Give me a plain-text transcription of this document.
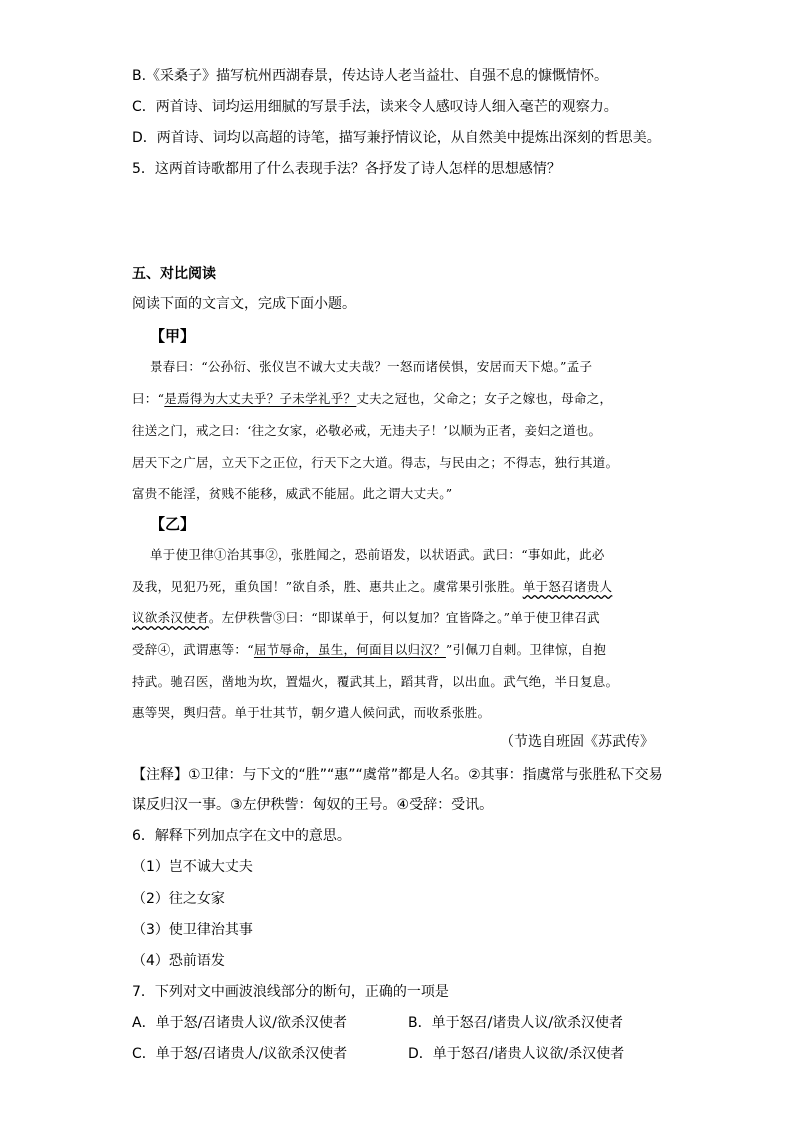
B.《采桑子》描写杭州西湖春景，传达诗人老当益壮、自强不息的慷慨情怀。
C．两首诗、词均运用细腻的写景手法，读来令人感叹诗人细入毫芒的观察力。
D．两首诗、词均以高超的诗笔，描写兼抒情议论，从自然美中提炼出深刻的哲思美。
5．这两首诗歌都用了什么表现手法？各抒发了诗人怎样的思想感情？
五、对比阅读
阅读下面的文言文，完成下面小题。
【甲】
景春曰：“公孙衍、张仪岂不诚大丈夫哉？一怒而诸侯惧，安居而天下熄。”孟子
曰：“是焉得为大丈夫乎？子未学礼乎？丈夫之冠也，父命之；女子之嫁也，母命之，
往送之门，戒之曰：‘往之女家，必敬必戒，无违夫子！’以顺为正者，妾妇之道也。
居天下之广居，立天下之正位，行天下之大道。得志，与民由之；不得志，独行其道。
富贵不能淫，贫贱不能移，威武不能屈。此之谓大丈夫。”
【乙】
单于使卫律①治其事②，张胜闻之，恐前语发，以状语武。武曰：“事如此，此必
及我，见犯乃死，重负国！”欲自杀，胜、惠共止之。虞常果引张胜。单于怒召诸贵人
议欲杀汉使者。左伊秩訾③曰：“即谋单于，何以复加？宜皆降之。”单于使卫律召武
受辞④，武谓惠等：“屈节辱命，虽生，何面目以归汉？”引佩刀自刺。卫律惊，自抱
持武。驰召医，凿地为坎，置煴火，覆武其上，蹈其背，以出血。武气绝，半日复息。
惠等哭，舆归营。单于壮其节，朝夕遣人候问武，而收系张胜。
（节选自班固《苏武传》
【注释】①卫律：与下文的“胜”“惠”“虞常”都是人名。②其事：指虞常与张胜私下交易
谋反归汉一事。③左伊秩訾：匈奴的王号。④受辞：受讯。
6．解释下列加点字在文中的意思。
（1）岂不诚大丈夫
（2）往之女家
（3）使卫律治其事
（4）恐前语发
7．下列对文中画波浪线部分的断句，正确的一项是
A．单于怒/召诸贵人议/欲杀汉使者	B．单于怒召/诸贵人议/欲杀汉使者
C．单于怒/召诸贵人/议欲杀汉使者	D．单于怒召/诸贵人议欲/杀汉使者
